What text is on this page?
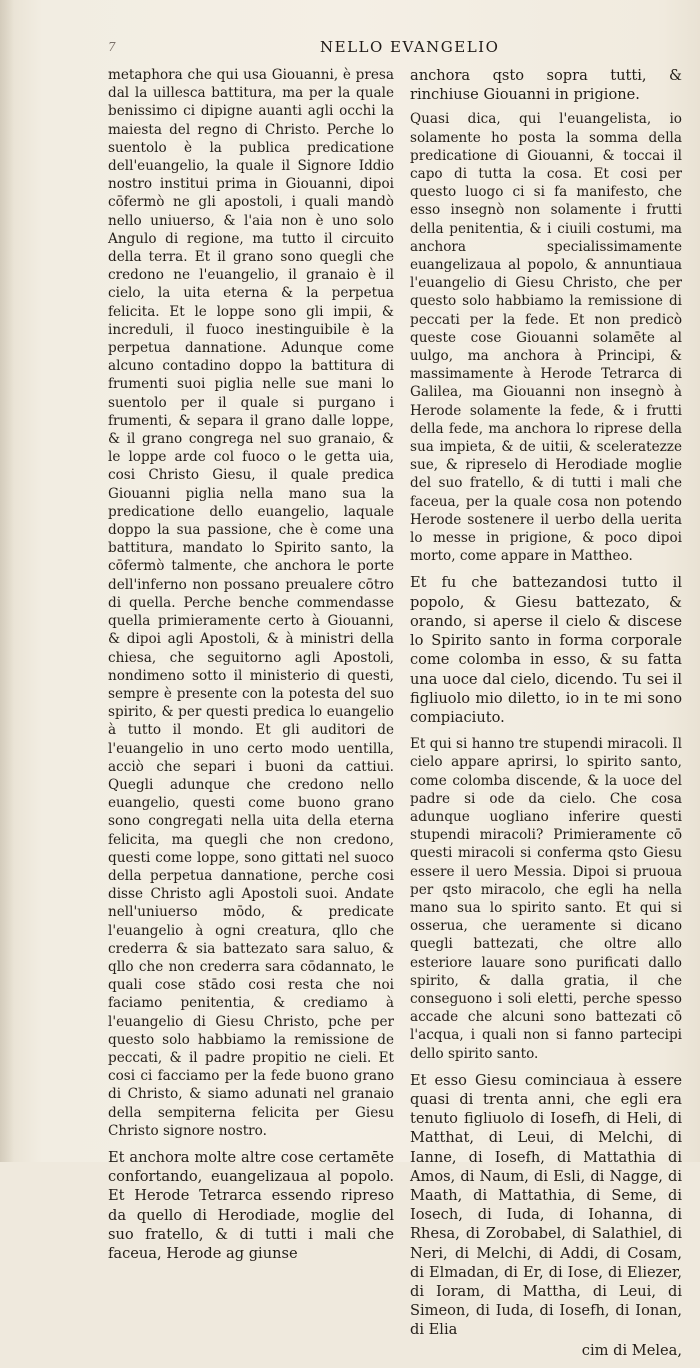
7	NELLO EVANGELIO

metaphora che qui usa Giouanni, è presa dal la uillesca battitura, ma per la quale benissimo ci dipigne auanti agli occhi la maiesta del regno di Christo. Perche lo suentolo è la publica predicatione dell'euangelio, la quale il Signore Iddio nostro institui prima in Giouanni, dipoi cōfermò ne gli apostoli, i quali mandò nello uniuerso, & l'aia non è uno solo Angulo di regione, ma tutto il circuito della terra. Et il grano sono quegli che credono ne l'euangelio, il granaio è il cielo, la uita eterna & la perpetua felicita. Et le loppe sono gli impii, & increduli, il fuoco inestinguibile è la perpetua dannatione. Adunque come alcuno contadino doppo la battitura di frumenti suoi piglia nelle sue mani lo suentolo per il quale si purgano i frumenti, & separa il grano dalle loppe, & il grano congrega nel suo granaio, & le loppe arde col fuoco o le getta uia, cosi Christo Giesu, il quale predica Giouanni piglia nella mano sua la predicatione dello euangelio, laquale doppo la sua passione, che è come una battitura, mandato lo Spirito santo, la cōfermò talmente, che anchora le porte dell'inferno non possano preualere cōtro di quella. Perche benche commendasse quella primieramente certo à Giouanni, & dipoi agli Apostoli, & à ministri della chiesa, che seguitorno agli Apostoli, nondimeno sotto il ministerio di questi, sempre è presente con la potesta del suo spirito, & per questi predica lo euangelio à tutto il mondo. Et gli auditori de l'euangelio in uno certo modo uentilla, acciò che separi i buoni da cattiui. Quegli adunque che credono nello euangelio, questi come buono grano sono congregati nella uita della eterna felicita, ma quegli che non credono, questi come loppe, sono gittati nel suoco della perpetua dannatione, perche cosi disse Christo agli Apostoli suoi. Andate nell'uniuerso mōdo, & predicate l'euangelio à ogni creatura, qllo che crederra & sia battezato sara saluo, & qllo che non crederra sara cōdannato, le quali cose stādo cosi resta che noi faciamo penitentia, & crediamo à l'euangelio di Giesu Christo, pche per questo solo habbiamo la remissione de peccati, & il padre propitio ne cieli. Et cosi ci facciamo per la fede buono grano di Christo, & siamo adunati nel granaio della sempiterna felicita per Giesu Christo signore nostro.

Et anchora molte altre cose certamēte confortando, euangelizaua al popolo. Et Herode Tetrarca essendo ripreso da quello di Herodiade, moglie del suo fratello, & di tutti i mali che faceua, Herode ag giunse

anchora qsto sopra tutti, & rinchiuse Giouanni in prigione.

Quasi dica, qui l'euangelista, io solamente ho posta la somma della predicatione di Giouanni, & toccai il capo di tutta la cosa. Et cosi per questo luogo ci si fa manifesto, che esso insegnò non solamente i frutti della penitentia, & i ciuili costumi, ma anchora specialissimamente euangelizaua al popolo, & annuntiaua l'euangelio di Giesu Christo, che per questo solo habbiamo la remissione di peccati per la fede. Et non predicò queste cose Giouanni solamēte al uulgo, ma anchora à Principi, & massimamente à Herode Tetrarca di Galilea, ma Giouanni non insegnò à Herode solamente la fede, & i frutti della fede, ma anchora lo riprese della sua impieta, & de uitii, & sceleratezze sue, & ripreselo di Herodiade moglie del suo fratello, & di tutti i mali che faceua, per la quale cosa non potendo Herode sostenere il uerbo della uerita lo messe in prigione, & poco dipoi morto, come appare in Mattheo.

Et fu che battezandosi tutto il popolo, & Giesu battezato, & orando, si aperse il cielo & discese lo Spirito santo in forma corporale come colomba in esso, & su fatta una uoce dal cielo, dicendo. Tu sei il figliuolo mio diletto, io in te mi sono compiaciuto.

Et qui si hanno tre stupendi miracoli. Il cielo appare aprirsi, lo spirito santo, come colomba discende, & la uoce del padre si ode da cielo. Che cosa adunque uogliano inferire questi stupendi miracoli? Primieramente cō questi miracoli si conferma qsto Giesu essere il uero Messia. Dipoi si pruoua per qsto miracolo, che egli ha nella mano sua lo spirito santo. Et qui si osserua, che ueramente si dicano quegli battezati, che oltre allo esteriore lauare sono purificati dallo spirito, & dalla gratia, il che conseguono i soli eletti, perche spesso accade che alcuni sono battezati cō l'acqua, i quali non si fanno partecipi dello spirito santo.

Et esso Giesu cominciaua à essere quasi di trenta anni, che egli era tenuto figliuolo di Iosefh, di Heli, di Matthat, di Leui, di Melchi, di Ianne, di Iosefh, di Mattathia di Amos, di Naum, di Esli, di Nagge, di Maath, di Mattathia, di Seme, di Iosech, di Iuda, di Iohanna, di Rhesa, di Zorobabel, di Salathiel, di Neri, di Melchi, di Addi, di Cosam, di Elmadan, di Er, di Iose, di Eliezer, di Ioram, di Mattha, di Leui, di Simeon, di Iuda, di Iosefh, di Ionan, di Elia

cim di Melea,
